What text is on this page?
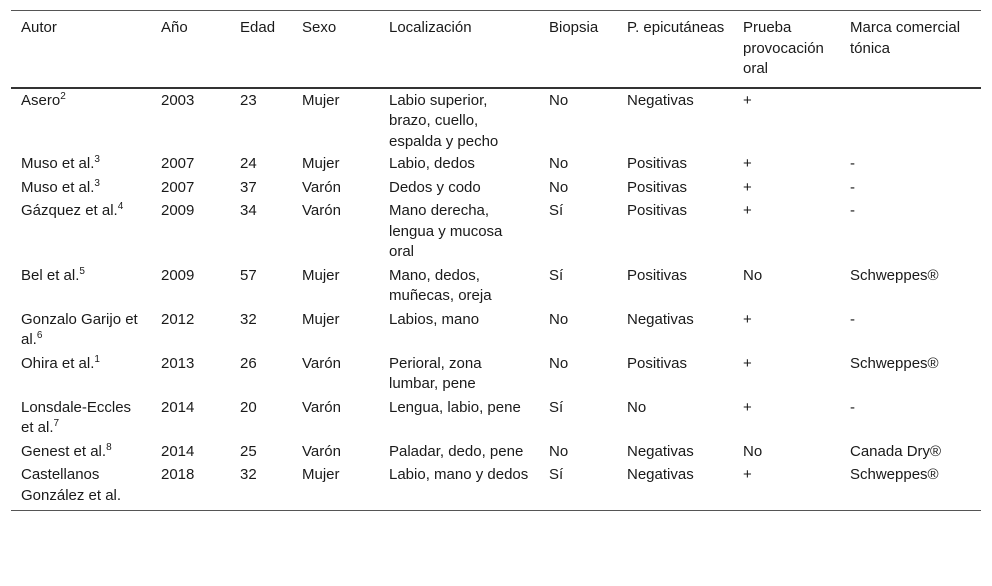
Autor	Año	Edad	Sexo	Localización	Biopsia	P. epicutáneas	Prueba provocación oral	Marca comercial tónica
Asero$^2$	2003	23	Mujer	Labio superior, brazo, cuello, espalda y pecho	No	Negativas	+	
Muso et al.$^3$	2007	24	Mujer	Labio, dedos	No	Positivas	+	-
Muso et al.$^3$	2007	37	Varón	Dedos y codo	No	Positivas	+	-
Gázquez et al.$^4$	2009	34	Varón	Mano derecha, lengua y mucosa oral	Sí	Positivas	+	-
Bel et al.$^5$	2009	57	Mujer	Mano, dedos, muñecas, oreja	Sí	Positivas	No	Schweppes®
Gonzalo Garijo et al.$^6$	2012	32	Mujer	Labios, mano	No	Negativas	+	-
Ohira et al.$^1$	2013	26	Varón	Perioral, zona lumbar, pene	No	Positivas	+	Schweppes®
Lonsdale-Eccles et al.$^7$	2014	20	Varón	Lengua, labio, pene	Sí	No	+	-
Genest et al.$^8$	2014	25	Varón	Paladar, dedo, pene	No	Negativas	No	Canada Dry®
Castellanos González et al.	2018	32	Mujer	Labio, mano y dedos	Sí	Negativas	+	Schweppes®
